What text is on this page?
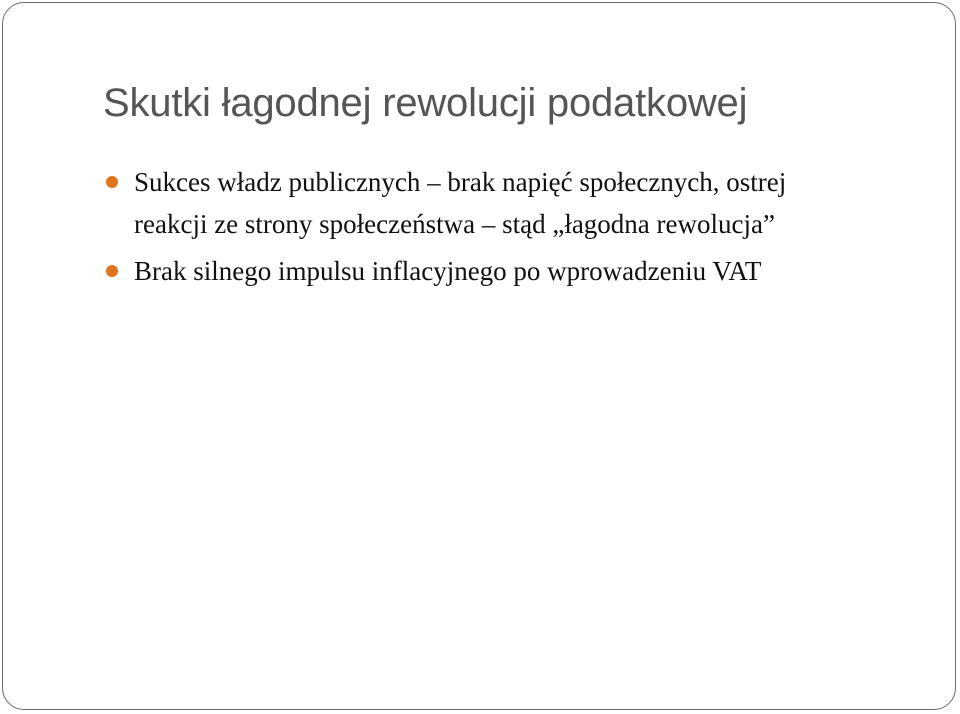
Skutki łagodnej rewolucji podatkowej
Sukces władz publicznych – brak napięć społecznych, ostrej
reakcji ze strony społeczeństwa – stąd „łagodna rewolucja”
Brak silnego impulsu inflacyjnego po wprowadzeniu VAT
